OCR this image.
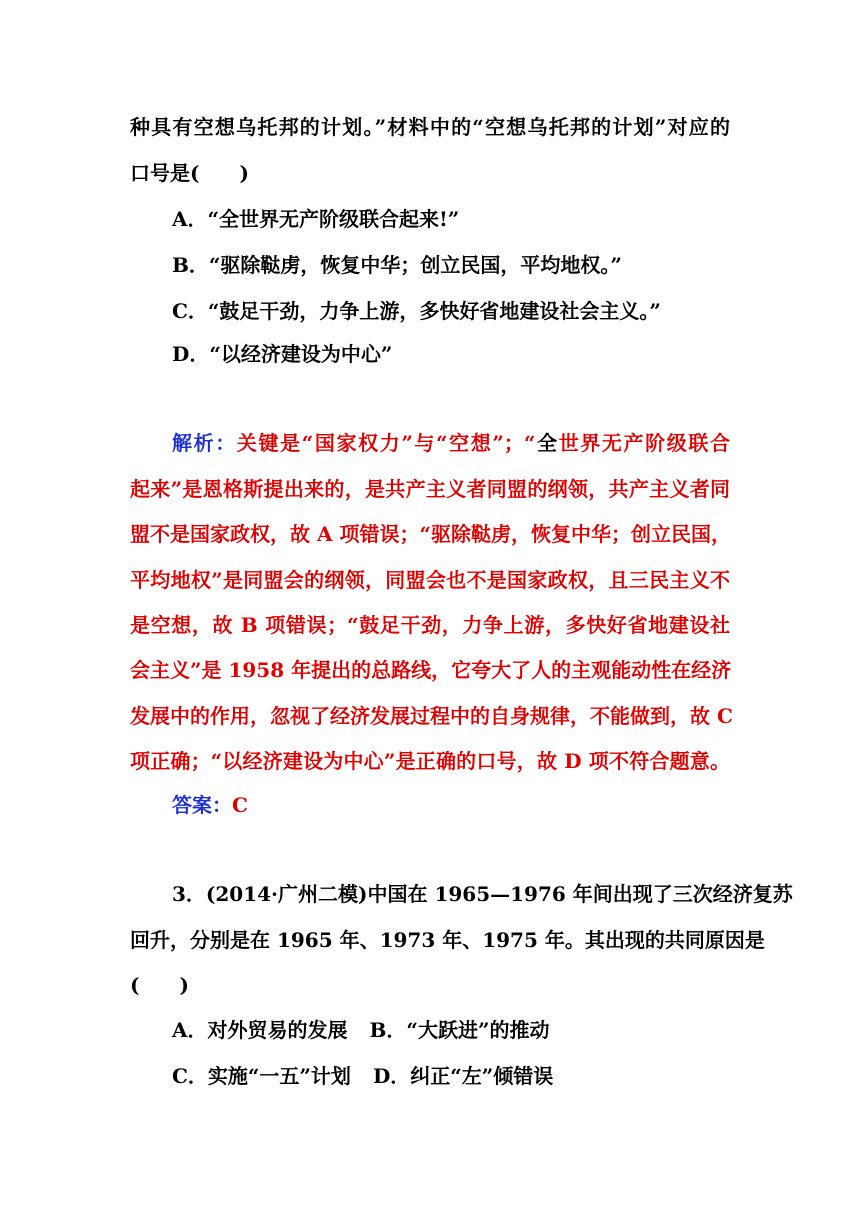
种具有空想乌托邦的计划。”材料中的“空想乌托邦的计划”对应的
口号是(　　)
A．“全世界无产阶级联合起来!”
B．“驱除鞑虏，恢复中华；创立民国，平均地权。”
C．“鼓足干劲，力争上游，多快好省地建设社会主义。”
D．“以经济建设为中心”
解析：关键是“国家权力”与“空想”；“全世界无产阶级联合
起来”是恩格斯提出来的，是共产主义者同盟的纲领，共产主义者同
盟不是国家政权，故 A 项错误；“驱除鞑虏，恢复中华；创立民国，
平均地权”是同盟会的纲领，同盟会也不是国家政权，且三民主义不
是空想，故 B 项错误；“鼓足干劲，力争上游，多快好省地建设社
会主义”是 1958 年提出的总路线，它夸大了人的主观能动性在经济
发展中的作用，忽视了经济发展过程中的自身规律，不能做到，故 C
项正确；“以经济建设为中心”是正确的口号，故 D 项不符合题意。
答案：C
3．(2014·广州二模)中国在 1965—1976 年间出现了三次经济复苏
回升，分别是在 1965 年、1973 年、1975 年。其出现的共同原因是
(　　)
A．对外贸易的发展 B．“大跃进”的推动
C．实施“一五”计划 D．纠正“左”倾错误
